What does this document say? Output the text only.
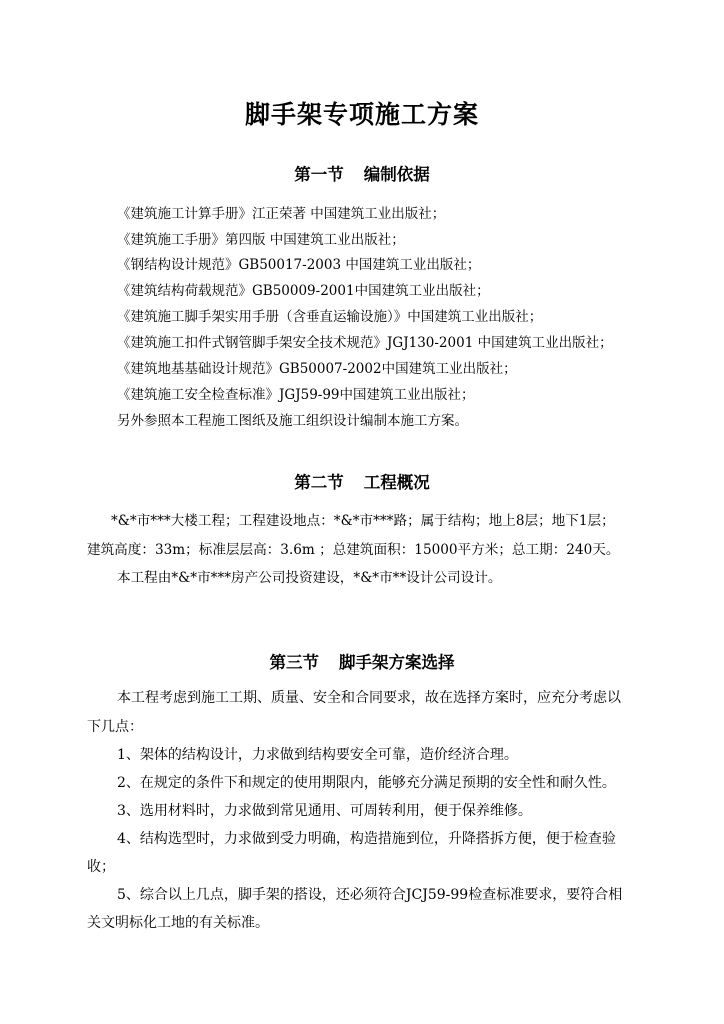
脚手架专项施工方案
第一节 编制依据
《建筑施工计算手册》江正荣著 中国建筑工业出版社；
《建筑施工手册》第四版 中国建筑工业出版社；
《钢结构设计规范》GB50017-2003 中国建筑工业出版社；
《建筑结构荷载规范》GB50009-2001中国建筑工业出版社；
《建筑施工脚手架实用手册（含垂直运输设施）》中国建筑工业出版社；
《建筑施工扣件式钢管脚手架安全技术规范》JGJ130-2001 中国建筑工业出版社；
《建筑地基基础设计规范》GB50007-2002中国建筑工业出版社；
《建筑施工安全检查标准》JGJ59-99中国建筑工业出版社；
另外参照本工程施工图纸及施工组织设计编制本施工方案。
第二节 工程概况
*&*市***大楼工程；工程建设地点：*&*市***路；属于结构；地上8层；地下1层；
建筑高度：33m；标准层层高：3.6m ；总建筑面积：15000平方米；总工期：240天。
本工程由*&*市***房产公司投资建设，*&*市**设计公司设计。
第三节 脚手架方案选择
本工程考虑到施工工期、质量、安全和合同要求，故在选择方案时，应充分考虑以
下几点：
1、架体的结构设计，力求做到结构要安全可靠，造价经济合理。
2、在规定的条件下和规定的使用期限内，能够充分满足预期的安全性和耐久性。
3、选用材料时，力求做到常见通用、可周转利用，便于保养维修。
4、结构选型时，力求做到受力明确，构造措施到位，升降搭拆方便，便于检查验
收；
5、综合以上几点，脚手架的搭设，还必须符合JCJ59-99检查标准要求，要符合相
关文明标化工地的有关标准。
